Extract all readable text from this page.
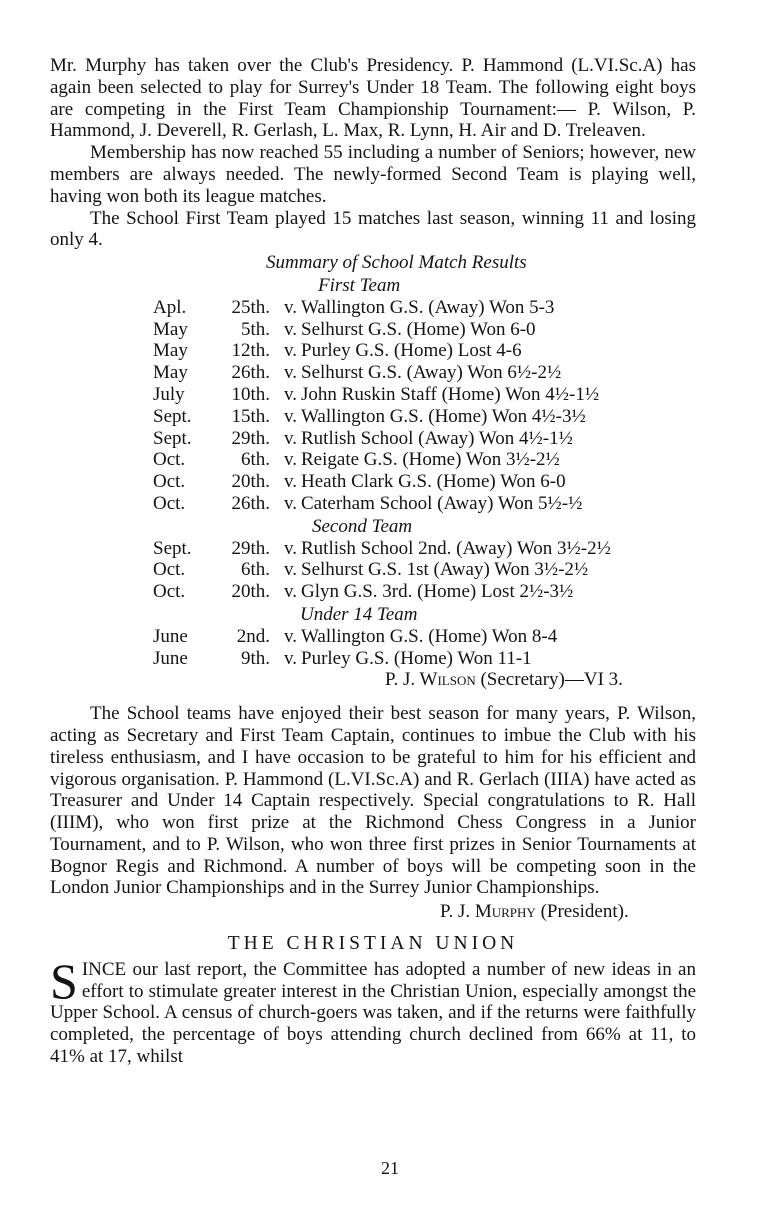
Mr. Murphy has taken over the Club's Presidency. P. Hammond (L.VI.Sc.A) has again been selected to play for Surrey's Under 18 Team. The following eight boys are competing in the First Team Championship Tournament:— P. Wilson, P. Hammond, J. Deverell, R. Gerlash, L. Max, R. Lynn, H. Air and D. Treleaven.

Membership has now reached 55 including a number of Seniors; however, new members are always needed. The newly-formed Second Team is playing well, having won both its league matches.

The School First Team played 15 matches last season, winning 11 and losing only 4.

Summary of School Match Results
First Team
Apl.	25th. v. Wallington G.S. (Away) Won 5-3
May	5th. v. Selhurst G.S. (Home) Won 6-0
May	12th. v. Purley G.S. (Home) Lost 4-6
May	26th. v. Selhurst G.S. (Away) Won 6½-2½
July	10th. v. John Ruskin Staff (Home) Won 4½-1½
Sept.	15th. v. Wallington G.S. (Home) Won 4½-3½
Sept.	29th. v. Rutlish School (Away) Won 4½-1½
Oct.	6th. v. Reigate G.S. (Home) Won 3½-2½
Oct.	20th. v. Heath Clark G.S. (Home) Won 6-0
Oct.	26th. v. Caterham School (Away) Won 5½-½
Second Team
Sept.	29th. v. Rutlish School 2nd. (Away) Won 3½-2½
Oct.	6th. v. Selhurst G.S. 1st (Away) Won 3½-2½
Oct.	20th. v. Glyn G.S. 3rd. (Home) Lost 2½-3½
Under 14 Team
June	2nd. v. Wallington G.S. (Home) Won 8-4
June	9th. v. Purley G.S. (Home) Won 11-1
P. J. Wilson (Secretary)—VI 3.

The School teams have enjoyed their best season for many years, P. Wilson, acting as Secretary and First Team Captain, continues to imbue the Club with his tireless enthusiasm, and I have occasion to be grateful to him for his efficient and vigorous organisation. P. Hammond (L.VI.Sc.A) and R. Gerlach (IIIA) have acted as Treasurer and Under 14 Captain respectively. Special congratulations to R. Hall (IIIM), who won first prize at the Richmond Chess Congress in a Junior Tournament, and to P. Wilson, who won three first prizes in Senior Tournaments at Bognor Regis and Richmond. A number of boys will be competing soon in the London Junior Championships and in the Surrey Junior Championships.

P. J. Murphy (President).
THE CHRISTIAN UNION

SINCE our last report, the Committee has adopted a number of new ideas in an effort to stimulate greater interest in the Christian Union, especially amongst the Upper School. A census of church-goers was taken, and if the returns were faithfully completed, the percentage of boys attending church declined from 66% at 11, to 41% at 17, whilst

21
